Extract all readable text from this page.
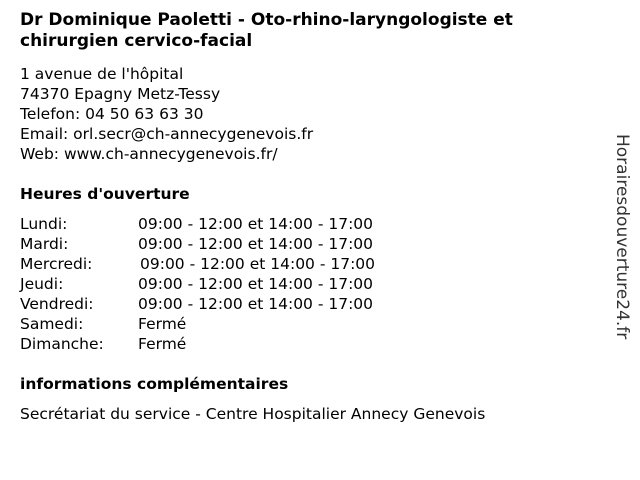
Dr Dominique Paoletti - Oto-rhino-laryngologiste et chirurgien cervico-facial
1 avenue de l'hôpital
74370 Epagny Metz-Tessy
Telefon: 04 50 63 63 30
Email: orl.secr@ch-annecygenevois.fr
Web: www.ch-annecygenevois.fr/
Heures d'ouverture
Lundi:	09:00 - 12:00 et 14:00 - 17:00
Mardi:	09:00 - 12:00 et 14:00 - 17:00
Mercredi:	09:00 - 12:00 et 14:00 - 17:00
Jeudi:	09:00 - 12:00 et 14:00 - 17:00
Vendredi:	09:00 - 12:00 et 14:00 - 17:00
Samedi:	Fermé
Dimanche: Fermé
informations complémentaires
Secrétariat du service - Centre Hospitalier Annecy Genevois
Horairesdouverture24.fr
